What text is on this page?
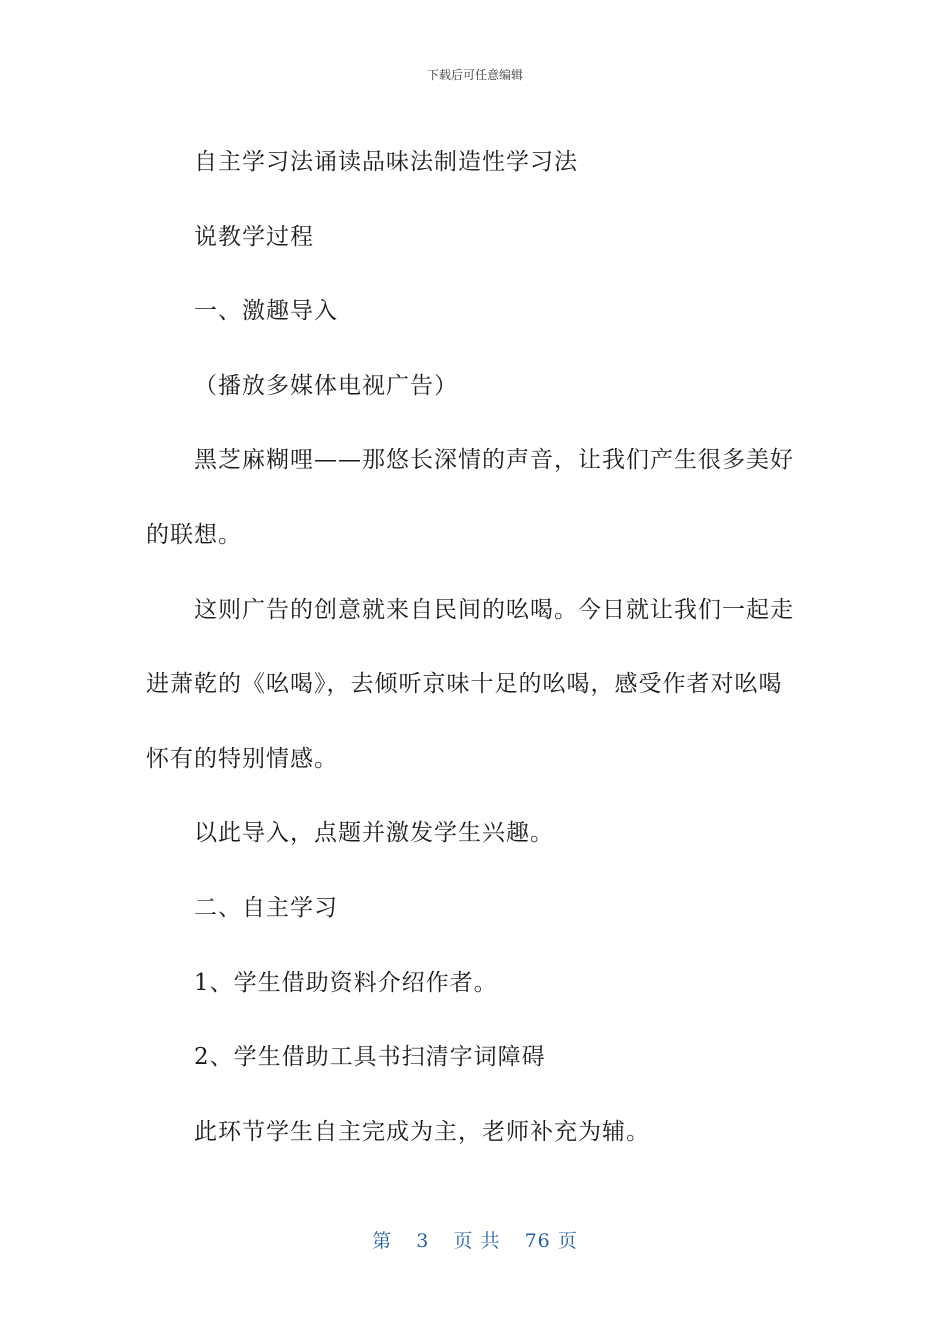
下载后可任意编辑

自主学习法诵读品味法制造性学习法

说教学过程

一、激趣导入

（播放多媒体电视广告）

黑芝麻糊哩——那悠长深情的声音，让我们产生很多美好的联想。

这则广告的创意就来自民间的吆喝。今日就让我们一起走进萧乾的《吆喝》，去倾听京味十足的吆喝，感受作者对吆喝怀有的特别情感。

以此导入，点题并激发学生兴趣。

二、自主学习

1、学生借助资料介绍作者。

2、学生借助工具书扫清字词障碍

此环节学生自主完成为主，老师补充为辅。

第 3 页 共 76 页
